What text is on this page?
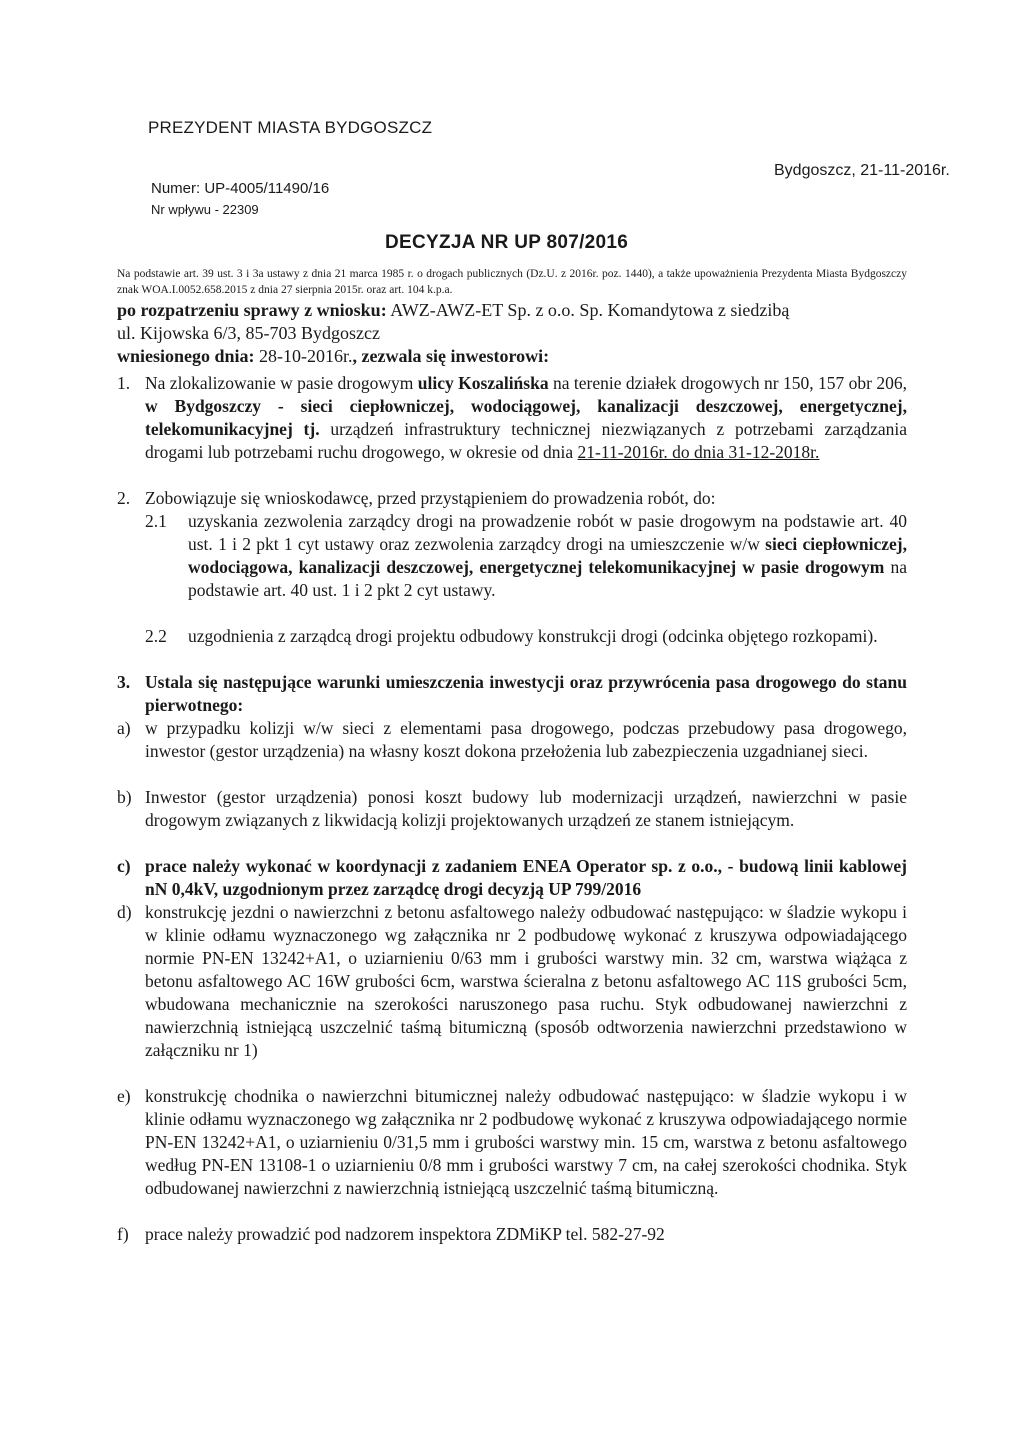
PREZYDENT MIASTA BYDGOSZCZ
Bydgoszcz, 21-11-2016r.
Numer: UP-4005/11490/16
Nr wpływu - 22309
DECYZJA NR UP 807/2016
Na podstawie art. 39 ust. 3 i 3a ustawy z dnia 21 marca 1985 r. o drogach publicznych (Dz.U. z 2016r. poz. 1440), a także upoważnienia Prezydenta Miasta Bydgoszczy znak WOA.I.0052.658.2015 z dnia 27 sierpnia 2015r. oraz art. 104 k.p.a.
po rozpatrzeniu sprawy z wniosku: AWZ-AWZ-ET Sp. z o.o. Sp. Komandytowa z siedzibą
ul. Kijowska 6/3, 85-703 Bydgoszcz
wniesionego dnia: 28-10-2016r., zezwala się inwestorowi:
1. Na zlokalizowanie w pasie drogowym ulicy Koszalińska na terenie działek drogowych nr 150, 157 obr 206, w Bydgoszczy - sieci ciepłowniczej, wodociągowej, kanalizacji deszczowej, energetycznej, telekomunikacyjnej tj. urządzeń infrastruktury technicznej niezwiązanych z potrzebami zarządzania drogami lub potrzebami ruchu drogowego, w okresie od dnia 21-11-2016r. do dnia 31-12-2018r.
2. Zobowiązuje się wnioskodawcę, przed przystąpieniem do prowadzenia robót, do:
2.1 uzyskania zezwolenia zarządcy drogi na prowadzenie robót w pasie drogowym na podstawie art. 40 ust. 1 i 2 pkt 1 cyt ustawy oraz zezwolenia zarządcy drogi na umieszczenie w/w sieci ciepłowniczej, wodociągowa, kanalizacji deszczowej, energetycznej telekomunikacyjnej w pasie drogowym na podstawie art. 40 ust. 1 i 2 pkt 2 cyt ustawy.
2.2 uzgodnienia z zarządcą drogi projektu odbudowy konstrukcji drogi (odcinka objętego rozkopami).
3. Ustala się następujące warunki umieszczenia inwestycji oraz przywrócenia pasa drogowego do stanu pierwotnego:
a) w przypadku kolizji w/w sieci z elementami pasa drogowego, podczas przebudowy pasa drogowego, inwestor (gestor urządzenia) na własny koszt dokona przełożenia lub zabezpieczenia uzgadnianej sieci.
b) Inwestor (gestor urządzenia) ponosi koszt budowy lub modernizacji urządzeń, nawierzchni w pasie drogowym związanych z likwidacją kolizji projektowanych urządzeń ze stanem istniejącym.
c) prace należy wykonać w koordynacji z zadaniem ENEA Operator sp. z o.o., - budową linii kablowej nN 0,4kV, uzgodnionym przez zarządcę drogi decyzją UP 799/2016
d) konstrukcję jezdni o nawierzchni z betonu asfaltowego należy odbudować następująco: w śladzie wykopu i w klinie odłamu wyznaczonego wg załącznika nr 2 podbudowę wykonać z kruszywa odpowiadającego normie PN-EN 13242+A1, o uziarnieniu 0/63 mm i grubości warstwy min. 32 cm, warstwa wiążąca z betonu asfaltowego AC 16W grubości 6cm, warstwa ścieralna z betonu asfaltowego AC 11S grubości 5cm, wbudowana mechanicznie na szerokości naruszonego pasa ruchu. Styk odbudowanej nawierzchni z nawierzchnią istniejącą uszczelnić taśmą bitumiczną (sposób odtworzenia nawierzchni przedstawiono w załączniku nr 1)
e) konstrukcję chodnika o nawierzchni bitumicznej należy odbudować następująco: w śladzie wykopu i w klinie odłamu wyznaczonego wg załącznika nr 2 podbudowę wykonać z kruszywa odpowiadającego normie PN-EN 13242+A1, o uziarnieniu 0/31,5 mm i grubości warstwy min. 15 cm, warstwa z betonu asfaltowego według PN-EN 13108-1 o uziarnieniu 0/8 mm i grubości warstwy 7 cm, na całej szerokości chodnika. Styk odbudowanej nawierzchni z nawierzchnią istniejącą uszczelnić taśmą bitumiczną.
f) prace należy prowadzić pod nadzorem inspektora ZDMiKP tel. 582-27-92
